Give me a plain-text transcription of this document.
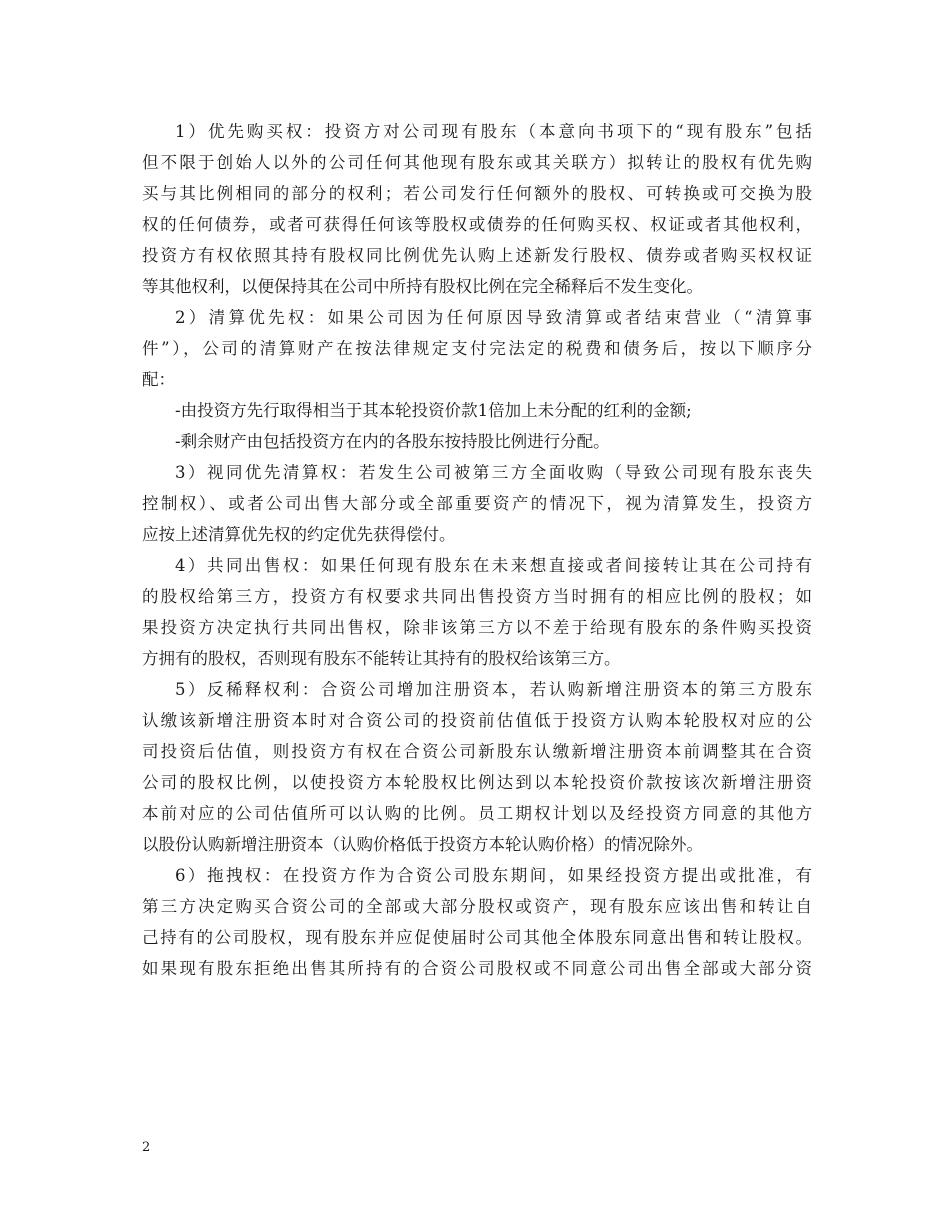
1）优先购买权：投资方对公司现有股东（本意向书项下的“现有股东”包括
但不限于创始人以外的公司任何其他现有股东或其关联方）拟转让的股权有优先购
买与其比例相同的部分的权利；若公司发行任何额外的股权、可转换或可交换为股
权的任何债券，或者可获得任何该等股权或债券的任何购买权、权证或者其他权利，
投资方有权依照其持有股权同比例优先认购上述新发行股权、债券或者购买权权证
等其他权利，以便保持其在公司中所持有股权比例在完全稀释后不发生变化。
2）清算优先权：如果公司因为任何原因导致清算或者结束营业（“清算事
件”），公司的清算财产在按法律规定支付完法定的税费和债务后，按以下顺序分
配：
-由投资方先行取得相当于其本轮投资价款1倍加上未分配的红利的金额;
-剩余财产由包括投资方在内的各股东按持股比例进行分配。
3）视同优先清算权：若发生公司被第三方全面收购（导致公司现有股东丧失
控制权）、或者公司出售大部分或全部重要资产的情况下，视为清算发生，投资方
应按上述清算优先权的约定优先获得偿付。
4）共同出售权：如果任何现有股东在未来想直接或者间接转让其在公司持有
的股权给第三方，投资方有权要求共同出售投资方当时拥有的相应比例的股权；如
果投资方决定执行共同出售权，除非该第三方以不差于给现有股东的条件购买投资
方拥有的股权，否则现有股东不能转让其持有的股权给该第三方。
5）反稀释权利：合资公司增加注册资本，若认购新增注册资本的第三方股东
认缴该新增注册资本时对合资公司的投资前估值低于投资方认购本轮股权对应的公
司投资后估值，则投资方有权在合资公司新股东认缴新增注册资本前调整其在合资
公司的股权比例，以使投资方本轮股权比例达到以本轮投资价款按该次新增注册资
本前对应的公司估值所可以认购的比例。员工期权计划以及经投资方同意的其他方
以股份认购新增注册资本（认购价格低于投资方本轮认购价格）的情况除外。
6）拖拽权：在投资方作为合资公司股东期间，如果经投资方提出或批准，有
第三方决定购买合资公司的全部或大部分股权或资产，现有股东应该出售和转让自
己持有的公司股权，现有股东并应促使届时公司其他全体股东同意出售和转让股权。
如果现有股东拒绝出售其所持有的合资公司股权或不同意公司出售全部或大部分资
2
